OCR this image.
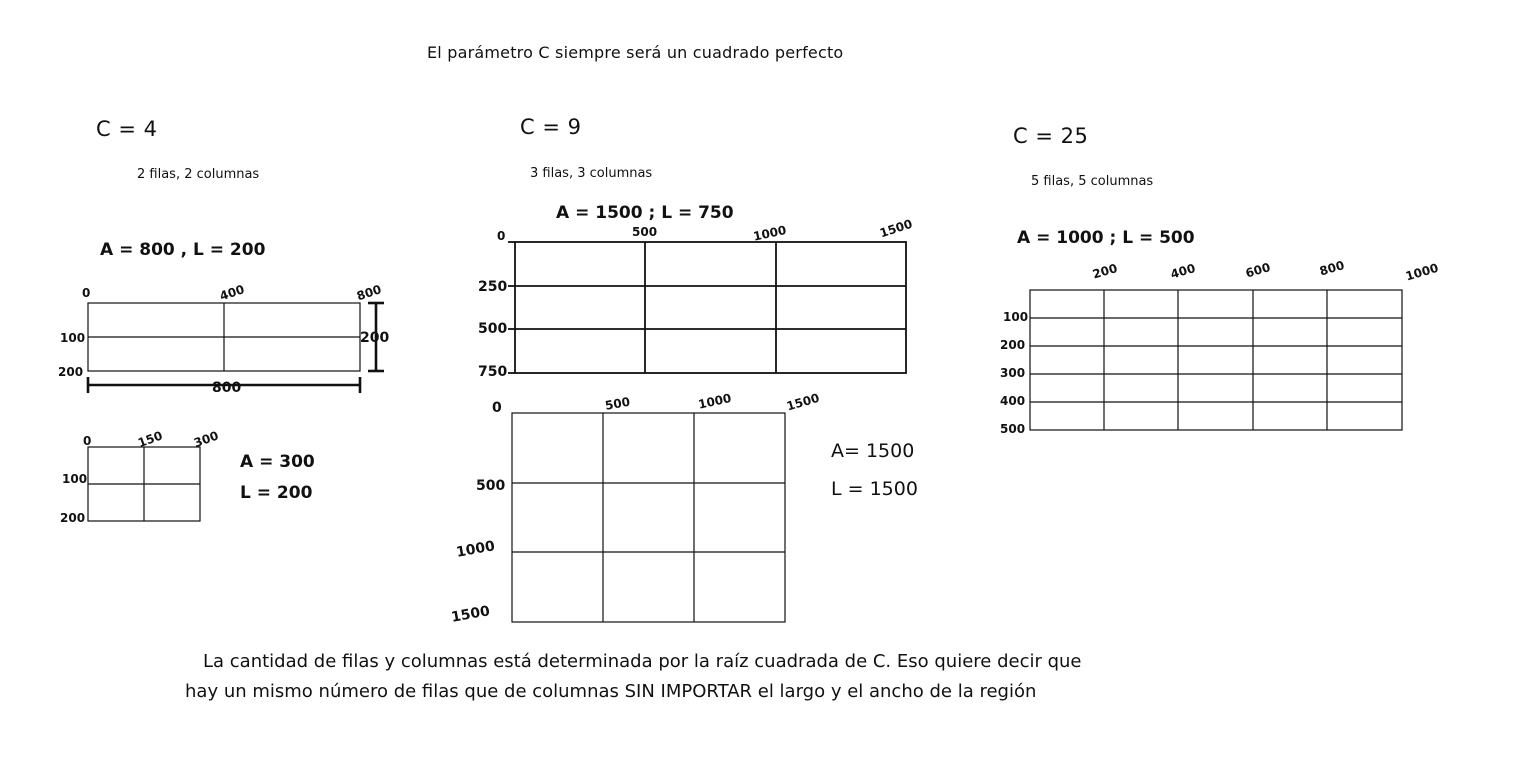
El parámetro C siempre será un cuadrado perfecto
C = 4
2 filas, 2 columnas
A = 800 , L = 200
0	400	800
100
200
800
200
0	150 300
100
200
A = 300
L = 200
C = 9
3 filas, 3 columnas
A = 1500 ; L = 750
0	500	1000	1500
250
500
750
0	500	1000	1500
500
1000
1500
A= 1500
L = 1500
C = 25
5 filas, 5 columnas
A = 1000 ; L = 500
200	400	600	800	1000
100
200
300
400
500
La cantidad de filas y columnas está determinada por la raíz cuadrada de C. Eso quiere decir que
hay un mismo número de filas que de columnas SIN IMPORTAR el largo y el ancho de la región
